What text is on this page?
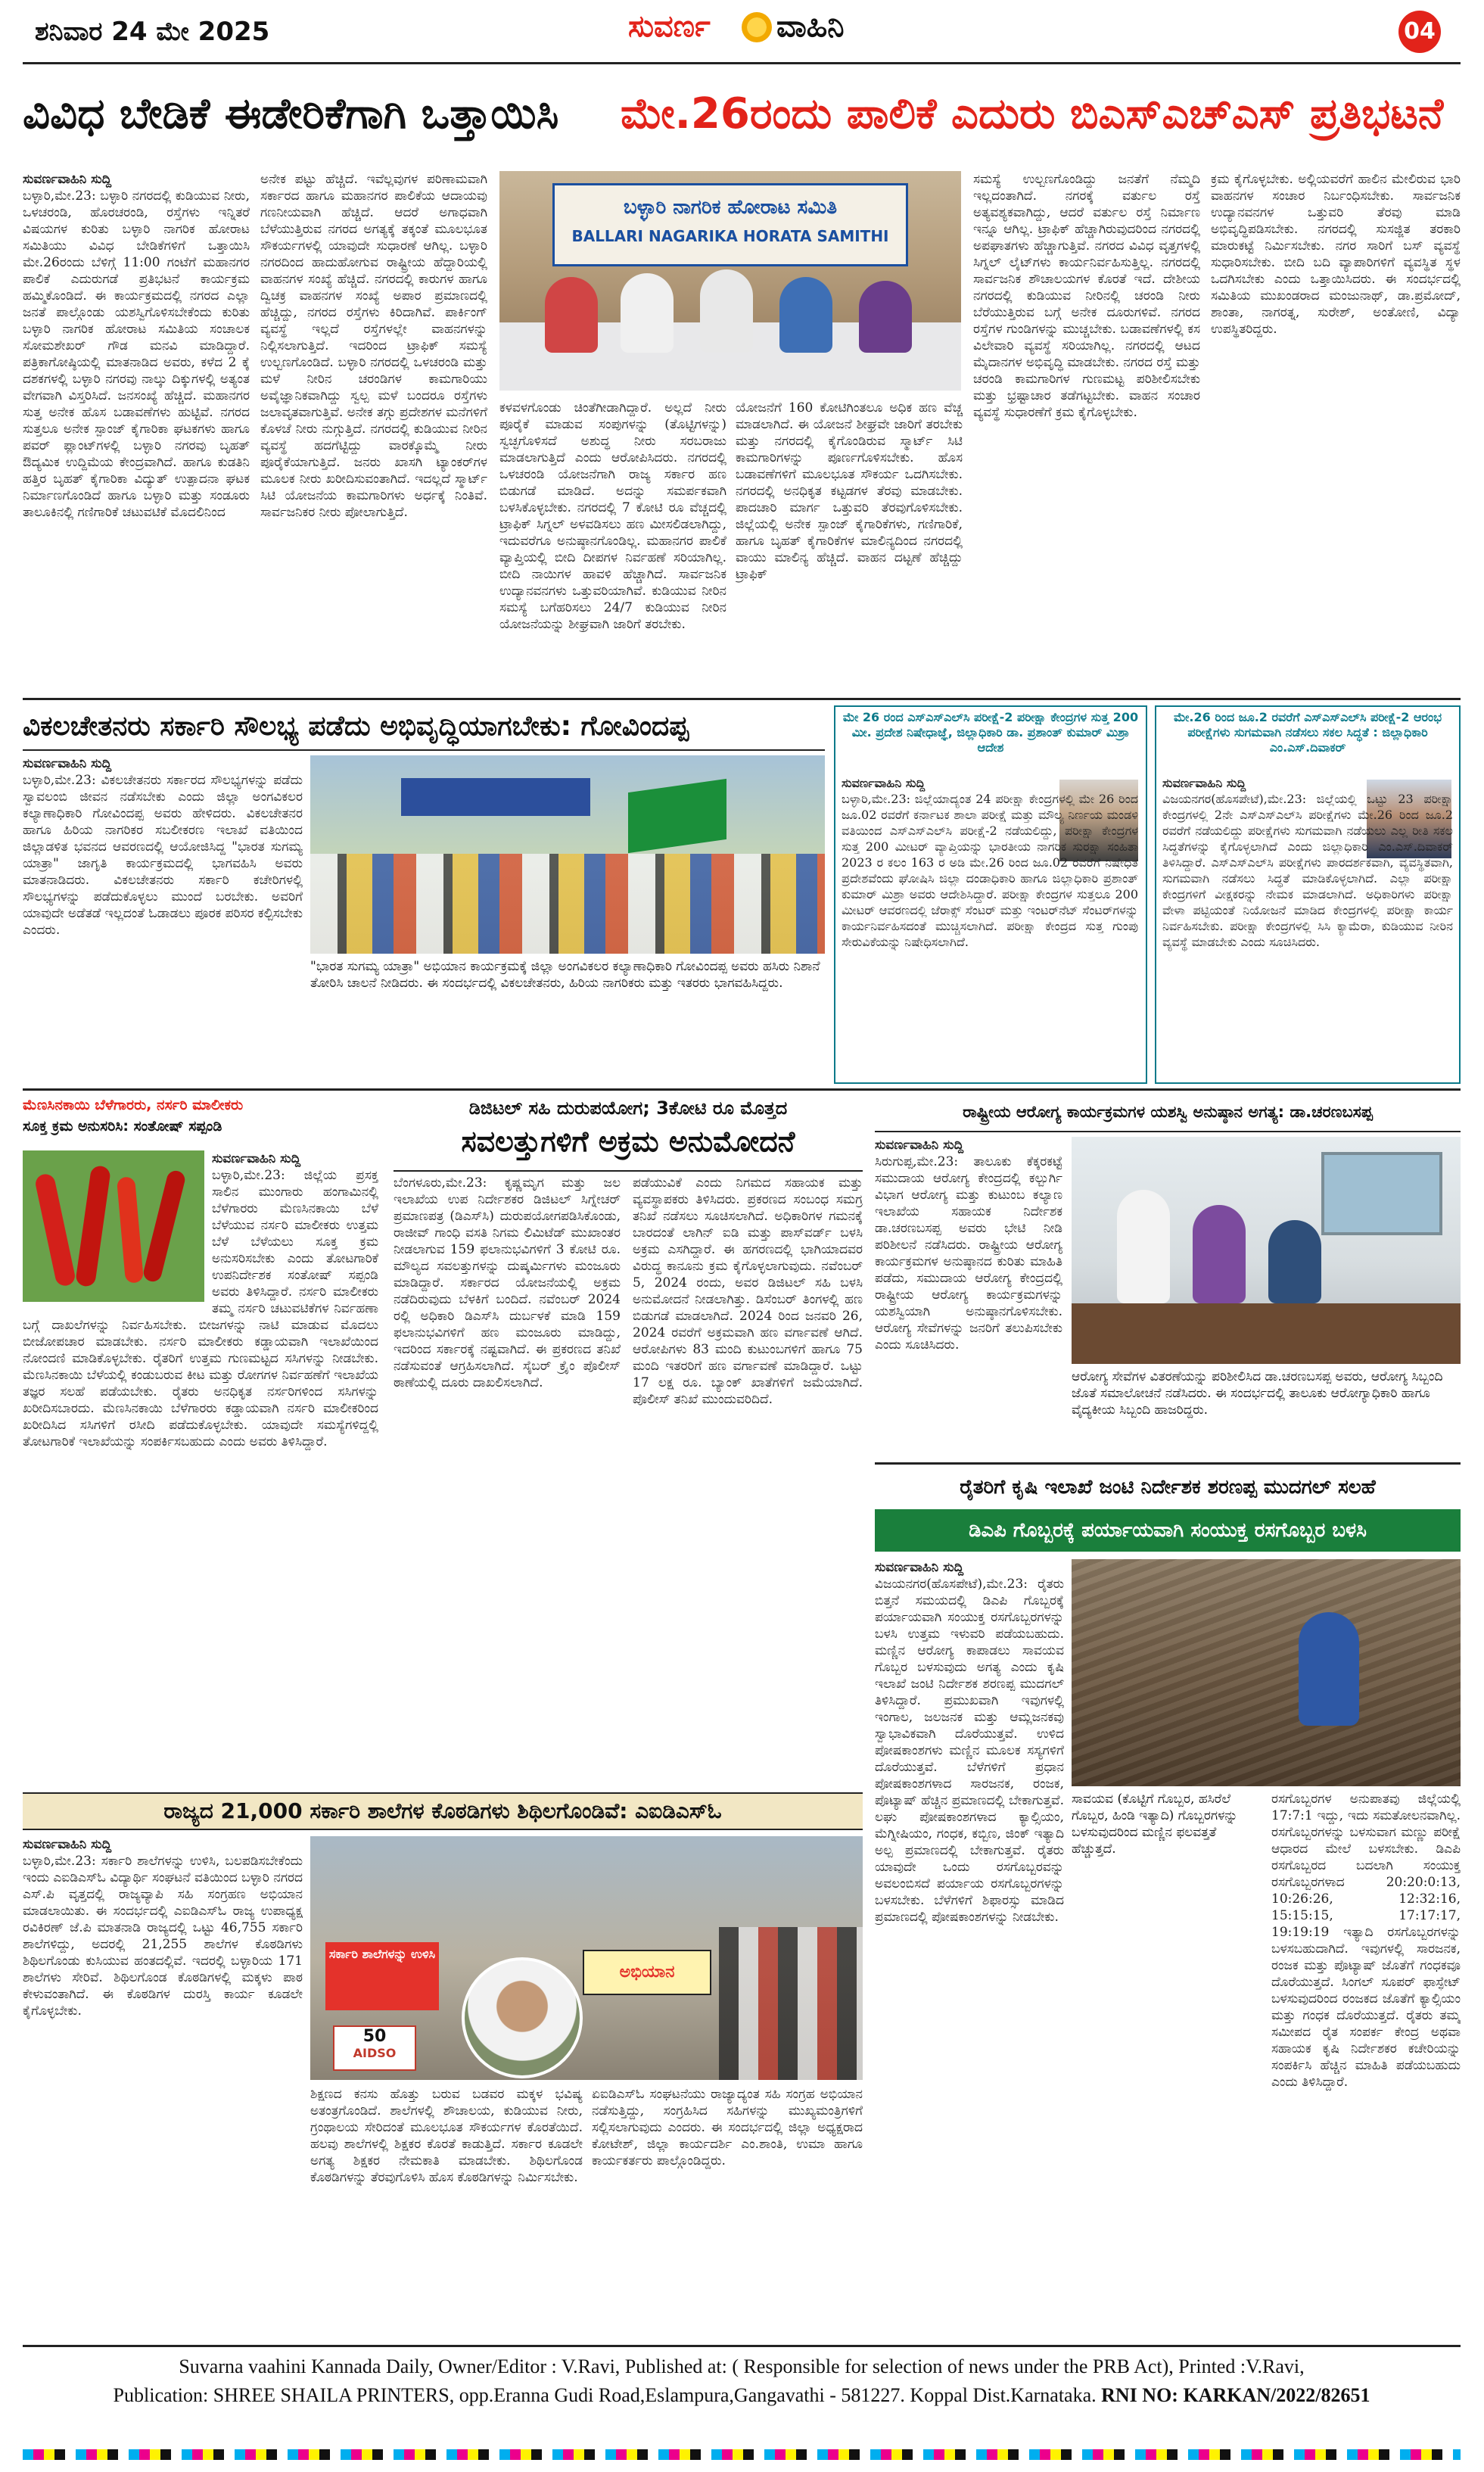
ಶನಿವಾರ 24 ಮೇ 2025	ಸುವರ್ಣ ವಾಹಿನಿ	04
ವಿವಿಧ ಬೇಡಿಕೆ ಈಡೇರಿಕೆಗಾಗಿ ಒತ್ತಾಯಿಸಿ ಮೇ.26ರಂದು ಪಾಲಿಕೆ ಎದುರು ಬಿಎಸ್‌ಎಚ್‌ಎಸ್ ಪ್ರತಿಭಟನೆ

ಸುವರ್ಣವಾಹಿನಿ ಸುದ್ದಿ

ಬಳ್ಳಾರಿ,ಮೇ.23: ಬಳ್ಳಾರಿ ನಗರದಲ್ಲಿ ಕುಡಿಯುವ ನೀರು, ಒಳಚರಂಡಿ, ಹೊರಚರಂಡಿ, ರಸ್ತೆಗಳು ಇನ್ನಿತರೆ ವಿಷಯಗಳ ಕುರಿತು ಬಳ್ಳಾರಿ ನಾಗರಿಕ ಹೋರಾಟ ಸಮಿತಿಯು ವಿವಿಧ ಬೇಡಿಕೆಗಳಿಗೆ ಒತ್ತಾಯಿಸಿ ಮೇ.26ರಂದು ಬೆಳಿಗ್ಗೆ 11:00 ಗಂಟೆಗೆ ಮಹಾನಗರ ಪಾಲಿಕೆ ಎದುರುಗಡೆ ಪ್ರತಿಭಟನೆ ಕಾರ್ಯಕ್ರಮ ಹಮ್ಮಿಕೊಂಡಿದೆ. ಈ ಕಾರ್ಯಕ್ರಮದಲ್ಲಿ ನಗರದ ಎಲ್ಲಾ ಜನತೆ ಪಾಲ್ಗೊಂಡು ಯಶಸ್ವಿಗೊಳಿಸಬೇಕೆಂದು ಕುರಿತು ಬಳ್ಳಾರಿ ನಾಗರಿಕ ಹೋರಾಟ ಸಮಿತಿಯ ಸಂಚಾಲಕ ಸೋಮಶೇಖರ್ ಗೌಡ ಮನವಿ ಮಾಡಿದ್ದಾರೆ. ಪತ್ರಿಕಾಗೋಷ್ಠಿಯಲ್ಲಿ ಮಾತನಾಡಿದ ಅವರು, ಕಳೆದ 2 ಕ್ಕೆ ದಶಕಗಳಲ್ಲಿ ಬಳ್ಳಾರಿ ನಗರವು ನಾಲ್ಕು ದಿಕ್ಕುಗಳಲ್ಲಿ ಅತ್ಯಂತ ವೇಗವಾಗಿ ವಿಸ್ತರಿಸಿದೆ. ಜನಸಂಖ್ಯೆ ಹೆಚ್ಚಿದೆ. ಮಹಾನಗರ ಸುತ್ತ ಅನೇಕ ಹೊಸ ಬಡಾವಣೆಗಳು ಹುಟ್ಟಿವೆ. ನಗರದ ಸುತ್ತಲೂ ಅನೇಕ ಸ್ಪಾಂಜ್ ಕೈಗಾರಿಕಾ ಘಟಕಗಳು ಹಾಗೂ ಪವರ್ ಪ್ಲಾಂಟ್‌ಗಳಲ್ಲಿ ಬಳ್ಳಾರಿ ನಗರವು ಬೃಹತ್ ಔದ್ಯಮಿಕ ಉದ್ದಿಮೆಯ ಕೇಂದ್ರವಾಗಿದೆ. ಹಾಗೂ ಕುಡತಿನಿ ಹತ್ತಿರ ಬೃಹತ್ ಕೈಗಾರಿಕಾ ವಿದ್ಯುತ್ ಉತ್ಪಾದನಾ ಘಟಕ ನಿರ್ಮಾಣಗೊಂಡಿದೆ ಹಾಗೂ ಬಳ್ಳಾರಿ ಮತ್ತು ಸಂಡೂರು ತಾಲೂಕಿನಲ್ಲಿ ಗಣಿಗಾರಿಕೆ ಚಟುವಟಿಕೆ ಮೊದಲಿನಿಂದ

ಅನೇಕ ಪಟ್ಟು ಹೆಚ್ಚಿದೆ. ಇವೆಲ್ಲವುಗಳ ಪರಿಣಾಮವಾಗಿ ಸರ್ಕಾರದ ಹಾಗೂ ಮಹಾನಗರ ಪಾಲಿಕೆಯ ಆದಾಯವು ಗಣನೀಯವಾಗಿ ಹೆಚ್ಚಿದೆ. ಆದರೆ ಅಗಾಧವಾಗಿ ಬೆಳೆಯುತ್ತಿರುವ ನಗರದ ಅಗತ್ಯಕ್ಕೆ ತಕ್ಕಂತೆ ಮೂಲಭೂತ ಸೌಕರ್ಯಗಳಲ್ಲಿ ಯಾವುದೇ ಸುಧಾರಣೆ ಆಗಿಲ್ಲ. ಬಳ್ಳಾರಿ ನಗರದಿಂದ ಹಾದುಹೋಗುವ ರಾಷ್ಟ್ರೀಯ ಹೆದ್ದಾರಿಯಲ್ಲಿ ವಾಹನಗಳ ಸಂಖ್ಯೆ ಹೆಚ್ಚಿದೆ. ನಗರದಲ್ಲಿ ಕಾರುಗಳ ಹಾಗೂ ದ್ವಿಚಕ್ರ ವಾಹನಗಳ ಸಂಖ್ಯೆ ಅಪಾರ ಪ್ರಮಾಣದಲ್ಲಿ ಹೆಚ್ಚಿದ್ದು, ನಗರದ ರಸ್ತೆಗಳು ಕಿರಿದಾಗಿವೆ. ಪಾರ್ಕಿಂಗ್ ವ್ಯವಸ್ಥೆ ಇಲ್ಲದೆ ರಸ್ತೆಗಳಲ್ಲೇ ವಾಹನಗಳನ್ನು ನಿಲ್ಲಿಸಲಾಗುತ್ತಿದೆ. ಇದರಿಂದ ಟ್ರಾಫಿಕ್ ಸಮಸ್ಯೆ ಉಲ್ಬಣಗೊಂಡಿದೆ. ಬಳ್ಳಾರಿ ನಗರದಲ್ಲಿ ಒಳಚರಂಡಿ ಮತ್ತು ಮಳೆ ನೀರಿನ ಚರಂಡಿಗಳ ಕಾಮಗಾರಿಯು ಅವೈಜ್ಞಾನಿಕವಾಗಿದ್ದು ಸ್ವಲ್ಪ ಮಳೆ ಬಂದರೂ ರಸ್ತೆಗಳು ಜಲಾವೃತವಾಗುತ್ತಿವೆ. ಅನೇಕ ತಗ್ಗು ಪ್ರದೇಶಗಳ ಮನೆಗಳಿಗೆ ಕೊಳಚೆ ನೀರು ನುಗ್ಗುತ್ತಿದೆ. ನಗರದಲ್ಲಿ ಕುಡಿಯುವ ನೀರಿನ ವ್ಯವಸ್ಥೆ ಹದಗೆಟ್ಟಿದ್ದು ವಾರಕ್ಕೊಮ್ಮೆ ನೀರು ಪೂರೈಕೆಯಾಗುತ್ತಿದೆ. ಜನರು ಖಾಸಗಿ ಟ್ಯಾಂಕರ್‌ಗಳ ಮೂಲಕ ನೀರು ಖರೀದಿಸುವಂತಾಗಿದೆ. ಇದಲ್ಲದೆ ಸ್ಮಾರ್ಟ್ ಸಿಟಿ ಯೋಜನೆಯ ಕಾಮಗಾರಿಗಳು ಅರ್ಧಕ್ಕೆ ನಿಂತಿವೆ. ಸಾರ್ವಜನಿಕರ ನೀರು ಪೋಲಾಗುತ್ತಿದೆ.

ಬಳ್ಳಾರಿ ನಾಗರಿಕ ಹೋರಾಟ ಸಮಿತಿ
BALLARI NAGARIKA HORATA SAMITHI

ಕಳವಳಗೊಂಡು ಚಿಂತೆಗೀಡಾಗಿದ್ದಾರೆ. ಅಲ್ಲದೆ ನೀರು ಪೂರೈಕೆ ಮಾಡುವ ಸಂಪುಗಳನ್ನು (ತೊಟ್ಟಿಗಳನ್ನು) ಸ್ವಚ್ಛಗೊಳಿಸದೆ ಅಶುದ್ಧ ನೀರು ಸರಬರಾಜು ಮಾಡಲಾಗುತ್ತಿದೆ ಎಂದು ಆರೋಪಿಸಿದರು. ನಗರದಲ್ಲಿ ಒಳಚರಂಡಿ ಯೋಜನೆಗಾಗಿ ರಾಜ್ಯ ಸರ್ಕಾರ ಹಣ ಬಿಡುಗಡೆ ಮಾಡಿದೆ. ಅದನ್ನು ಸಮರ್ಪಕವಾಗಿ ಬಳಸಿಕೊಳ್ಳಬೇಕು. ನಗರದಲ್ಲಿ 7 ಕೋಟಿ ರೂ ವೆಚ್ಚದಲ್ಲಿ ಟ್ರಾಫಿಕ್ ಸಿಗ್ನಲ್ ಅಳವಡಿಸಲು ಹಣ ಮೀಸಲಿಡಲಾಗಿದ್ದು, ಇದುವರೆಗೂ ಅನುಷ್ಠಾನಗೊಂಡಿಲ್ಲ. ಮಹಾನಗರ ಪಾಲಿಕೆ ವ್ಯಾಪ್ತಿಯಲ್ಲಿ ಬೀದಿ ದೀಪಗಳ ನಿರ್ವಹಣೆ ಸರಿಯಾಗಿಲ್ಲ. ಬೀದಿ ನಾಯಿಗಳ ಹಾವಳಿ ಹೆಚ್ಚಾಗಿದೆ. ಸಾರ್ವಜನಿಕ ಉದ್ಯಾನವನಗಳು ಒತ್ತುವರಿಯಾಗಿವೆ. ಕುಡಿಯುವ ನೀರಿನ ಸಮಸ್ಯೆ ಬಗೆಹರಿಸಲು 24/7 ಕುಡಿಯುವ ನೀರಿನ ಯೋಜನೆಯನ್ನು ಶೀಘ್ರವಾಗಿ ಜಾರಿಗೆ ತರಬೇಕು.

ಯೋಜನೆಗೆ 160 ಕೋಟಿಗಿಂತಲೂ ಅಧಿಕ ಹಣ ವೆಚ್ಚ ಮಾಡಲಾಗಿದೆ. ಈ ಯೋಜನೆ ಶೀಘ್ರವೇ ಜಾರಿಗೆ ತರಬೇಕು ಮತ್ತು ನಗರದಲ್ಲಿ ಕೈಗೊಂಡಿರುವ ಸ್ಮಾರ್ಟ್ ಸಿಟಿ ಕಾಮಗಾರಿಗಳನ್ನು ಪೂರ್ಣಗೊಳಿಸಬೇಕು. ಹೊಸ ಬಡಾವಣೆಗಳಿಗೆ ಮೂಲಭೂತ ಸೌಕರ್ಯ ಒದಗಿಸಬೇಕು. ನಗರದಲ್ಲಿ ಅನಧಿಕೃತ ಕಟ್ಟಡಗಳ ತೆರವು ಮಾಡಬೇಕು. ಪಾದಚಾರಿ ಮಾರ್ಗ ಒತ್ತುವರಿ ತೆರವುಗೊಳಿಸಬೇಕು. ಜಿಲ್ಲೆಯಲ್ಲಿ ಅನೇಕ ಸ್ಪಾಂಜ್ ಕೈಗಾರಿಕೆಗಳು, ಗಣಿಗಾರಿಕೆ, ಹಾಗೂ ಬೃಹತ್ ಕೈಗಾರಿಕೆಗಳ ಮಾಲಿನ್ಯದಿಂದ ನಗರದಲ್ಲಿ ವಾಯು ಮಾಲಿನ್ಯ ಹೆಚ್ಚಿದೆ. ವಾಹನ ದಟ್ಟಣೆ ಹೆಚ್ಚಿದ್ದು ಟ್ರಾಫಿಕ್

ಸಮಸ್ಯೆ ಉಲ್ಬಣಗೊಂಡಿದ್ದು ಜನತೆಗೆ ನೆಮ್ಮದಿ ಇಲ್ಲದಂತಾಗಿದೆ. ನಗರಕ್ಕೆ ವರ್ತುಲ ರಸ್ತೆ ಅತ್ಯವಶ್ಯಕವಾಗಿದ್ದು, ಆದರೆ ವರ್ತುಲ ರಸ್ತೆ ನಿರ್ಮಾಣ ಇನ್ನೂ ಆಗಿಲ್ಲ. ಟ್ರಾಫಿಕ್ ಹೆಚ್ಚಾಗಿರುವುದರಿಂದ ನಗರದಲ್ಲಿ ಅಪಘಾತಗಳು ಹೆಚ್ಚಾಗುತ್ತಿವೆ. ನಗರದ ವಿವಿಧ ವೃತ್ತಗಳಲ್ಲಿ ಸಿಗ್ನಲ್ ಲೈಟ್‌ಗಳು ಕಾರ್ಯನಿರ್ವಹಿಸುತ್ತಿಲ್ಲ. ನಗರದಲ್ಲಿ ಸಾರ್ವಜನಿಕ ಶೌಚಾಲಯಗಳ ಕೊರತೆ ಇದೆ. ದೇಶೀಯ ನಗರದಲ್ಲಿ ಕುಡಿಯುವ ನೀರಿನಲ್ಲಿ ಚರಂಡಿ ನೀರು ಬೆರೆಯುತ್ತಿರುವ ಬಗ್ಗೆ ಅನೇಕ ದೂರುಗಳಿವೆ. ನಗರದ ರಸ್ತೆಗಳ ಗುಂಡಿಗಳನ್ನು ಮುಚ್ಚಬೇಕು. ಬಡಾವಣೆಗಳಲ್ಲಿ ಕಸ ವಿಲೇವಾರಿ ವ್ಯವಸ್ಥೆ ಸರಿಯಾಗಿಲ್ಲ. ನಗರದಲ್ಲಿ ಆಟದ ಮೈದಾನಗಳ ಅಭಿವೃದ್ಧಿ ಮಾಡಬೇಕು. ನಗರದ ರಸ್ತೆ ಮತ್ತು ಚರಂಡಿ ಕಾಮಗಾರಿಗಳ ಗುಣಮಟ್ಟ ಪರಿಶೀಲಿಸಬೇಕು ಮತ್ತು ಭ್ರಷ್ಟಾಚಾರ ತಡೆಗಟ್ಟಬೇಕು. ವಾಹನ ಸಂಚಾರ ವ್ಯವಸ್ಥೆ ಸುಧಾರಣೆಗೆ ಕ್ರಮ ಕೈಗೊಳ್ಳಬೇಕು.

ಕ್ರಮ ಕೈಗೊಳ್ಳಬೇಕು. ಅಲ್ಲಿಯವರೆಗೆ ಹಾಲಿನ ಮೇಲಿರುವ ಭಾರಿ ವಾಹನಗಳ ಸಂಚಾರ ನಿರ್ಬಂಧಿಸಬೇಕು. ಸಾರ್ವಜನಿಕ ಉದ್ಯಾನವನಗಳ ಒತ್ತುವರಿ ತೆರವು ಮಾಡಿ ಅಭಿವೃದ್ಧಿಪಡಿಸಬೇಕು. ನಗರದಲ್ಲಿ ಸುಸಜ್ಜಿತ ತರಕಾರಿ ಮಾರುಕಟ್ಟೆ ನಿರ್ಮಿಸಬೇಕು. ನಗರ ಸಾರಿಗೆ ಬಸ್ ವ್ಯವಸ್ಥೆ ಸುಧಾರಿಸಬೇಕು. ಬೀದಿ ಬದಿ ವ್ಯಾಪಾರಿಗಳಿಗೆ ವ್ಯವಸ್ಥಿತ ಸ್ಥಳ ಒದಗಿಸಬೇಕು ಎಂದು ಒತ್ತಾಯಿಸಿದರು. ಈ ಸಂದರ್ಭದಲ್ಲಿ ಸಮಿತಿಯ ಮುಖಂಡರಾದ ಮಂಜುನಾಥ್, ಡಾ.ಪ್ರಮೋದ್, ಶಾಂತಾ, ನಾಗರತ್ನ, ಸುರೇಶ್, ಅಂತೋಣಿ, ವಿದ್ಯಾ ಉಪಸ್ಥಿತರಿದ್ದರು.

ವಿಕಲಚೇತನರು ಸರ್ಕಾರಿ ಸೌಲಭ್ಯ ಪಡೆದು ಅಭಿವೃದ್ಧಿಯಾಗಬೇಕು: ಗೋವಿಂದಪ್ಪ

ಸುವರ್ಣವಾಹಿನಿ ಸುದ್ದಿ

ಬಳ್ಳಾರಿ,ಮೇ.23: ವಿಕಲಚೇತನರು ಸರ್ಕಾರದ ಸೌಲಭ್ಯಗಳನ್ನು ಪಡೆದು ಸ್ವಾವಲಂಬಿ ಜೀವನ ನಡೆಸಬೇಕು ಎಂದು ಜಿಲ್ಲಾ ಅಂಗವಿಕಲರ ಕಲ್ಯಾಣಾಧಿಕಾರಿ ಗೋವಿಂದಪ್ಪ ಅವರು ಹೇಳಿದರು. ವಿಕಲಚೇತನರ ಹಾಗೂ ಹಿರಿಯ ನಾಗರಿಕರ ಸಬಲೀಕರಣ ಇಲಾಖೆ ವತಿಯಿಂದ ಜಿಲ್ಲಾಡಳಿತ ಭವನದ ಆವರಣದಲ್ಲಿ ಆಯೋಜಿಸಿದ್ದ "ಭಾರತ ಸುಗಮ್ಯ ಯಾತ್ರಾ" ಜಾಗೃತಿ ಕಾರ್ಯಕ್ರಮದಲ್ಲಿ ಭಾಗವಹಿಸಿ ಅವರು ಮಾತನಾಡಿದರು. ವಿಕಲಚೇತನರು ಸರ್ಕಾರಿ ಕಚೇರಿಗಳಲ್ಲಿ ಸೌಲಭ್ಯಗಳನ್ನು ಪಡೆದುಕೊಳ್ಳಲು ಮುಂದೆ ಬರಬೇಕು. ಅವರಿಗೆ ಯಾವುದೇ ಅಡೆತಡೆ ಇಲ್ಲದಂತೆ ಓಡಾಡಲು ಪೂರಕ ಪರಿಸರ ಕಲ್ಪಿಸಬೇಕು ಎಂದರು.

"ಭಾರತ ಸುಗಮ್ಯ ಯಾತ್ರಾ" ಅಭಿಯಾನ ಕಾರ್ಯಕ್ರಮಕ್ಕೆ ಜಿಲ್ಲಾ ಅಂಗವಿಕಲರ ಕಲ್ಯಾಣಾಧಿಕಾರಿ ಗೋವಿಂದಪ್ಪ ಅವರು ಹಸಿರು ನಿಶಾನೆ ತೋರಿಸಿ ಚಾಲನೆ ನೀಡಿದರು. ಈ ಸಂದರ್ಭದಲ್ಲಿ ವಿಕಲಚೇತನರು, ಹಿರಿಯ ನಾಗರಿಕರು ಮತ್ತು ಇತರರು ಭಾಗವಹಿಸಿದ್ದರು.
ಮೇ 26 ರಂದ ಎಸ್‌ಎಸ್‌ಎಲ್‌ಸಿ ಪರೀಕ್ಷೆ-2 ಪರೀಕ್ಷಾ ಕೇಂದ್ರಗಳ ಸುತ್ತ 200 ಮೀ. ಪ್ರದೇಶ ನಿಷೇಧಾಜ್ಞೆ, ಜಿಲ್ಲಾಧಿಕಾರಿ ಡಾ. ಪ್ರಶಾಂತ್ ಕುಮಾರ್ ಮಿಶ್ರಾ ಆದೇಶ

ಸುವರ್ಣವಾಹಿನಿ ಸುದ್ದಿ

ಬಳ್ಳಾರಿ,ಮೇ.23: ಜಿಲ್ಲೆಯಾದ್ಯಂತ 24 ಪರೀಕ್ಷಾ ಕೇಂದ್ರಗಳಲ್ಲಿ ಮೇ 26 ರಿಂದ ಜೂ.02 ರವರೆಗೆ ಕರ್ನಾಟಕ ಶಾಲಾ ಪರೀಕ್ಷೆ ಮತ್ತು ಮೌಲ್ಯ ನಿರ್ಣಯ ಮಂಡಳಿ ವತಿಯಿಂದ ಎಸ್‌ಎಸ್‌ಎಲ್‌ಸಿ ಪರೀಕ್ಷೆ-2 ನಡೆಯಲಿದ್ದು, ಪರೀಕ್ಷಾ ಕೇಂದ್ರಗಳ ಸುತ್ತ 200 ಮೀಟರ್ ವ್ಯಾಪ್ತಿಯನ್ನು ಭಾರತೀಯ ನಾಗರಿಕ ಸುರಕ್ಷಾ ಸಂಹಿತಾ 2023 ರ ಕಲಂ 163 ರ ಅಡಿ ಮೇ.26 ರಿಂದ ಜೂ.02 ರವರೆಗೆ ನಿಷೇಧಿತ ಪ್ರದೇಶವೆಂದು ಘೋಷಿಸಿ ಜಿಲ್ಲಾ ದಂಡಾಧಿಕಾರಿ ಹಾಗೂ ಜಿಲ್ಲಾಧಿಕಾರಿ ಪ್ರಶಾಂತ್ ಕುಮಾರ್ ಮಿಶ್ರಾ ಅವರು ಆದೇಶಿಸಿದ್ದಾರೆ. ಪರೀಕ್ಷಾ ಕೇಂದ್ರಗಳ ಸುತ್ತಲೂ 200 ಮೀಟರ್ ಆವರಣದಲ್ಲಿ ಜೆರಾಕ್ಸ್ ಸೆಂಟರ್ ಮತ್ತು ಇಂಟರ್‌ನೆಟ್ ಸೆಂಟರ್‌ಗಳನ್ನು ಕಾರ್ಯನಿರ್ವಹಿಸದಂತೆ ಮುಚ್ಚಿಸಲಾಗಿದೆ. ಪರೀಕ್ಷಾ ಕೇಂದ್ರದ ಸುತ್ತ ಗುಂಪು ಸೇರುವಿಕೆಯನ್ನು ನಿಷೇಧಿಸಲಾಗಿದೆ.

ಮೇ.26 ರಿಂದ ಜೂ.2 ರವರೆಗೆ ಎಸ್ಎಸ್ಎಲ್‌ಸಿ ಪರೀಕ್ಷೆ-2 ಆರಂಭ ಪರೀಕ್ಷೆಗಳು ಸುಗಮವಾಗಿ ನಡೆಸಲು ಸಕಲ ಸಿದ್ಧತೆ : ಜಿಲ್ಲಾಧಿಕಾರಿ ಎಂ.ಎಸ್.ದಿವಾಕರ್

ಸುವರ್ಣವಾಹಿನಿ ಸುದ್ದಿ

ವಿಜಯನಗರ(ಹೊಸಪೇಟೆ),ಮೇ.23: ಜಿಲ್ಲೆಯಲ್ಲಿ ಒಟ್ಟು 23 ಪರೀಕ್ಷಾ ಕೇಂದ್ರಗಳಲ್ಲಿ 2ನೇ ಎಸ್ಎಸ್ಎಲ್‌ಸಿ ಪರೀಕ್ಷೆಗಳು ಮೇ.26 ರಿಂದ ಜೂ.2 ರವರೆಗೆ ನಡೆಯಲಿದ್ದು ಪರೀಕ್ಷೆಗಳು ಸುಗಮವಾಗಿ ನಡೆಯಲು ಎಲ್ಲ ರೀತಿ ಸಕಲ ಸಿದ್ಧತೆಗಳನ್ನು ಕೈಗೊಳ್ಳಲಾಗಿದೆ ಎಂದು ಜಿಲ್ಲಾಧಿಕಾರಿ ಎಂ.ಎಸ್.ದಿವಾಕರ್ ತಿಳಿಸಿದ್ದಾರೆ. ಎಸ್ಎಸ್ಎಲ್‌ಸಿ ಪರೀಕ್ಷೆಗಳು ಪಾರದರ್ಶಕವಾಗಿ, ವ್ಯವಸ್ಥಿತವಾಗಿ, ಸುಗಮವಾಗಿ ನಡೆಸಲು ಸಿದ್ಧತೆ ಮಾಡಿಕೊಳ್ಳಲಾಗಿದೆ. ಎಲ್ಲಾ ಪರೀಕ್ಷಾ ಕೇಂದ್ರಗಳಿಗೆ ವೀಕ್ಷಕರನ್ನು ನೇಮಕ ಮಾಡಲಾಗಿದೆ. ಅಧಿಕಾರಿಗಳು ಪರೀಕ್ಷಾ ವೇಳಾ ಪಟ್ಟಿಯಂತೆ ನಿಯೋಜನೆ ಮಾಡಿದ ಕೇಂದ್ರಗಳಲ್ಲಿ ಪರೀಕ್ಷಾ ಕಾರ್ಯ ನಿರ್ವಹಿಸಬೇಕು. ಪರೀಕ್ಷಾ ಕೇಂದ್ರಗಳಲ್ಲಿ ಸಿಸಿ ಕ್ಯಾಮೆರಾ, ಕುಡಿಯುವ ನೀರಿನ ವ್ಯವಸ್ಥೆ ಮಾಡಬೇಕು ಎಂದು ಸೂಚಿಸಿದರು.

ಮೆಣಸಿನಕಾಯಿ ಬೆಳೆಗಾರರು, ನರ್ಸರಿ ಮಾಲೀಕರು
ಸೂಕ್ತ ಕ್ರಮ ಅನುಸರಿಸಿ: ಸಂತೋಷ್ ಸಪ್ಪಂಡಿ

ಸುವರ್ಣವಾಹಿನಿ ಸುದ್ದಿ

ಬಳ್ಳಾರಿ,ಮೇ.23: ಜಿಲ್ಲೆಯ ಪ್ರಸಕ್ತ ಸಾಲಿನ ಮುಂಗಾರು ಹಂಗಾಮಿನಲ್ಲಿ ಬೆಳೆಗಾರರು ಮೆಣಸಿನಕಾಯಿ ಬೆಳೆ ಬೆಳೆಯುವ ನರ್ಸರಿ ಮಾಲೀಕರು ಉತ್ತಮ ಬೆಳೆ ಬೆಳೆಯಲು ಸೂಕ್ತ ಕ್ರಮ ಅನುಸರಿಸಬೇಕು ಎಂದು ತೋಟಗಾರಿಕೆ ಉಪನಿರ್ದೇಶಕ ಸಂತೋಷ್ ಸಪ್ಪಂಡಿ ಅವರು ತಿಳಿಸಿದ್ದಾರೆ. ನರ್ಸರಿ ಮಾಲೀಕರು ತಮ್ಮ ನರ್ಸರಿ ಚಟುವಟಿಕೆಗಳ ನಿರ್ವಹಣಾ ಬಗ್ಗೆ ದಾಖಲೆಗಳನ್ನು ನಿರ್ವಹಿಸಬೇಕು. ಬೀಜಗಳನ್ನು ನಾಟಿ ಮಾಡುವ ಮೊದಲು ಬೀಜೋಪಚಾರ ಮಾಡಬೇಕು. ನರ್ಸರಿ ಮಾಲೀಕರು ಕಡ್ಡಾಯವಾಗಿ ಇಲಾಖೆಯಿಂದ ನೋಂದಣಿ ಮಾಡಿಕೊಳ್ಳಬೇಕು. ರೈತರಿಗೆ ಉತ್ತಮ ಗುಣಮಟ್ಟದ ಸಸಿಗಳನ್ನು ನೀಡಬೇಕು. ಮೆಣಸಿನಕಾಯಿ ಬೆಳೆಯಲ್ಲಿ ಕಂಡುಬರುವ ಕೀಟ ಮತ್ತು ರೋಗಗಳ ನಿರ್ವಹಣೆಗೆ ಇಲಾಖೆಯ ತಜ್ಞರ ಸಲಹೆ ಪಡೆಯಬೇಕು. ರೈತರು ಅನಧಿಕೃತ ನರ್ಸರಿಗಳಿಂದ ಸಸಿಗಳನ್ನು ಖರೀದಿಸಬಾರದು. ಮೆಣಸಿನಕಾಯಿ ಬೆಳೆಗಾರರು ಕಡ್ಡಾಯವಾಗಿ ನರ್ಸರಿ ಮಾಲೀಕರಿಂದ ಖರೀದಿಸಿದ ಸಸಿಗಳಿಗೆ ರಸೀದಿ ಪಡೆದುಕೊಳ್ಳಬೇಕು. ಯಾವುದೇ ಸಮಸ್ಯೆಗಳಿದ್ದಲ್ಲಿ ತೋಟಗಾರಿಕೆ ಇಲಾಖೆಯನ್ನು ಸಂಪರ್ಕಿಸಬಹುದು ಎಂದು ಅವರು ತಿಳಿಸಿದ್ದಾರೆ.

ಡಿಜಿಟಲ್ ಸಹಿ ದುರುಪಯೋಗ; 3ಕೋಟಿ ರೂ ಮೊತ್ತದ
ಸವಲತ್ತುಗಳಿಗೆ ಅಕ್ರಮ ಅನುಮೋದನೆ

ಬೆಂಗಳೂರು,ಮೇ.23: ಕೃಷ್ಣಮೃಗ ಮತ್ತು ಜಲ ಇಲಾಖೆಯ ಉಪ ನಿರ್ದೇಶಕರ ಡಿಜಿಟಲ್ ಸಿಗ್ನೇಚರ್ ಪ್ರಮಾಣಪತ್ರ (ಡಿಎಸ್‌ಸಿ) ದುರುಪಯೋಗಪಡಿಸಿಕೊಂಡು, ರಾಜೀವ್ ಗಾಂಧಿ ವಸತಿ ನಿಗಮ ಲಿಮಿಟೆಡ್ ಮುಖಾಂತರ ನೀಡಲಾಗುವ 159 ಫಲಾನುಭವಿಗಳಿಗೆ 3 ಕೋಟಿ ರೂ. ಮೌಲ್ಯದ ಸವಲತ್ತುಗಳನ್ನು ದುಷ್ಕರ್ಮಿಗಳು ಮಂಜೂರು ಮಾಡಿದ್ದಾರೆ. ಸರ್ಕಾರದ ಯೋಜನೆಯಲ್ಲಿ ಅಕ್ರಮ ನಡೆದಿರುವುದು ಬೆಳಕಿಗೆ ಬಂದಿದೆ. ನವೆಂಬರ್ 2024 ರಲ್ಲಿ ಅಧಿಕಾರಿ ಡಿಎಸ್‌ಸಿ ದುರ್ಬಳಕೆ ಮಾಡಿ 159 ಫಲಾನುಭವಿಗಳಿಗೆ ಹಣ ಮಂಜೂರು ಮಾಡಿದ್ದು, ಇದರಿಂದ ಸರ್ಕಾರಕ್ಕೆ ನಷ್ಟವಾಗಿದೆ. ಈ ಪ್ರಕರಣದ ತನಿಖೆ ನಡೆಸುವಂತೆ ಆಗ್ರಹಿಸಲಾಗಿದೆ. ಸೈಬರ್ ಕ್ರೈಂ ಪೊಲೀಸ್ ಠಾಣೆಯಲ್ಲಿ ದೂರು ದಾಖಲಿಸಲಾಗಿದೆ.

ಪಡೆಯುವಿಕೆ ಎಂದು ನಿಗಮದ ಸಹಾಯಕ ಮತ್ತು ವ್ಯವಸ್ಥಾಪಕರು ತಿಳಿಸಿದರು. ಪ್ರಕರಣದ ಸಂಬಂಧ ಸಮಗ್ರ ತನಿಖೆ ನಡೆಸಲು ಸೂಚಿಸಲಾಗಿದೆ. ಅಧಿಕಾರಿಗಳ ಗಮನಕ್ಕೆ ಬಾರದಂತೆ ಲಾಗಿನ್ ಐಡಿ ಮತ್ತು ಪಾಸ್‌ವರ್ಡ್ ಬಳಸಿ ಅಕ್ರಮ ಎಸಗಿದ್ದಾರೆ. ಈ ಹಗರಣದಲ್ಲಿ ಭಾಗಿಯಾದವರ ವಿರುದ್ಧ ಕಾನೂನು ಕ್ರಮ ಕೈಗೊಳ್ಳಲಾಗುವುದು. ನವೆಂಬರ್ 5, 2024 ರಂದು, ಅವರ ಡಿಜಿಟಲ್ ಸಹಿ ಬಳಸಿ ಅನುಮೋದನೆ ನೀಡಲಾಗಿತ್ತು. ಡಿಸೆಂಬರ್ ತಿಂಗಳಲ್ಲಿ ಹಣ ಬಿಡುಗಡೆ ಮಾಡಲಾಗಿದೆ. 2024 ರಿಂದ ಜನವರಿ 26, 2024 ರವರೆಗೆ ಅಕ್ರಮವಾಗಿ ಹಣ ವರ್ಗಾವಣೆ ಆಗಿದೆ. ಆರೋಪಿಗಳು 83 ಮಂದಿ ಕುಟುಂಬಗಳಿಗೆ ಹಾಗೂ 75 ಮಂದಿ ಇತರರಿಗೆ ಹಣ ವರ್ಗಾವಣೆ ಮಾಡಿದ್ದಾರೆ. ಒಟ್ಟು 17 ಲಕ್ಷ ರೂ. ಬ್ಯಾಂಕ್ ಖಾತೆಗಳಿಗೆ ಜಮೆಯಾಗಿದೆ. ಪೊಲೀಸ್ ತನಿಖೆ ಮುಂದುವರಿದಿದೆ.

ರಾಷ್ಟ್ರೀಯ ಆರೋಗ್ಯ ಕಾರ್ಯಕ್ರಮಗಳ ಯಶಸ್ವಿ ಅನುಷ್ಠಾನ ಅಗತ್ಯ: ಡಾ.ಚರಣಬಸಪ್ಪ

ಸುವರ್ಣವಾಹಿನಿ ಸುದ್ದಿ

ಸಿರುಗುಪ್ಪ,ಮೇ.23: ತಾಲೂಕು ಕೆಕ್ಕರಕಟ್ಟೆ ಸಮುದಾಯ ಆರೋಗ್ಯ ಕೇಂದ್ರದಲ್ಲಿ ಕಲ್ಬುರ್ಗಿ ವಿಭಾಗ ಆರೋಗ್ಯ ಮತ್ತು ಕುಟುಂಬ ಕಲ್ಯಾಣ ಇಲಾಖೆಯ ಸಹಾಯಕ ನಿರ್ದೇಶಕ ಡಾ.ಚರಣಬಸಪ್ಪ ಅವರು ಭೇಟಿ ನೀಡಿ ಪರಿಶೀಲನೆ ನಡೆಸಿದರು. ರಾಷ್ಟ್ರೀಯ ಆರೋಗ್ಯ ಕಾರ್ಯಕ್ರಮಗಳ ಅನುಷ್ಠಾನದ ಕುರಿತು ಮಾಹಿತಿ ಪಡೆದು, ಸಮುದಾಯ ಆರೋಗ್ಯ ಕೇಂದ್ರದಲ್ಲಿ ರಾಷ್ಟ್ರೀಯ ಆರೋಗ್ಯ ಕಾರ್ಯಕ್ರಮಗಳನ್ನು ಯಶಸ್ವಿಯಾಗಿ ಅನುಷ್ಠಾನಗೊಳಿಸಬೇಕು. ಆರೋಗ್ಯ ಸೇವೆಗಳನ್ನು ಜನರಿಗೆ ತಲುಪಿಸಬೇಕು ಎಂದು ಸೂಚಿಸಿದರು.

ಆರೋಗ್ಯ ಸೇವೆಗಳ ವಿತರಣೆಯನ್ನು ಪರಿಶೀಲಿಸಿದ ಡಾ.ಚರಣಬಸಪ್ಪ ಅವರು, ಆರೋಗ್ಯ ಸಿಬ್ಬಂದಿ ಜೊತೆ ಸಮಾಲೋಚನೆ ನಡೆಸಿದರು. ಈ ಸಂದರ್ಭದಲ್ಲಿ ತಾಲೂಕು ಆರೋಗ್ಯಾಧಿಕಾರಿ ಹಾಗೂ ವೈದ್ಯಕೀಯ ಸಿಬ್ಬಂದಿ ಹಾಜರಿದ್ದರು.
ರೈತರಿಗೆ ಕೃಷಿ ಇಲಾಖೆ ಜಂಟಿ ನಿರ್ದೇಶಕ ಶರಣಪ್ಪ ಮುದಗಲ್ ಸಲಹೆ
ಡಿಎಪಿ ಗೊಬ್ಬರಕ್ಕೆ ಪರ್ಯಾಯವಾಗಿ ಸಂಯುಕ್ತ ರಸಗೊಬ್ಬರ ಬಳಸಿ

ಸುವರ್ಣವಾಹಿನಿ ಸುದ್ದಿ

ವಿಜಯನಗರ(ಹೊಸಪೇಟೆ),ಮೇ.23: ರೈತರು ಬಿತ್ತನೆ ಸಮಯದಲ್ಲಿ ಡಿಎಪಿ ಗೊಬ್ಬರಕ್ಕೆ ಪರ್ಯಾಯವಾಗಿ ಸಂಯುಕ್ತ ರಸಗೊಬ್ಬರಗಳನ್ನು ಬಳಸಿ ಉತ್ತಮ ಇಳುವರಿ ಪಡೆಯಬಹುದು. ಮಣ್ಣಿನ ಆರೋಗ್ಯ ಕಾಪಾಡಲು ಸಾವಯವ ಗೊಬ್ಬರ ಬಳಸುವುದು ಅಗತ್ಯ ಎಂದು ಕೃಷಿ ಇಲಾಖೆ ಜಂಟಿ ನಿರ್ದೇಶಕ ಶರಣಪ್ಪ ಮುದಗಲ್ ತಿಳಿಸಿದ್ದಾರೆ. ಪ್ರಮುಖವಾಗಿ ಇವುಗಳಲ್ಲಿ ಇಂಗಾಲ, ಜಲಜನಕ ಮತ್ತು ಆಮ್ಲಜನಕವು ಸ್ವಾಭಾವಿಕವಾಗಿ ದೊರೆಯುತ್ತವೆ. ಉಳಿದ ಪೋಷಕಾಂಶಗಳು ಮಣ್ಣಿನ ಮೂಲಕ ಸಸ್ಯಗಳಿಗೆ ದೊರೆಯುತ್ತವೆ. ಬೆಳೆಗಳಿಗೆ ಪ್ರಧಾನ ಪೋಷಕಾಂಶಗಳಾದ ಸಾರಜನಕ, ರಂಜಕ, ಪೊಟ್ಯಾಷ್ ಹೆಚ್ಚಿನ ಪ್ರಮಾಣದಲ್ಲಿ ಬೇಕಾಗುತ್ತವೆ. ಲಘು ಪೋಷಕಾಂಶಗಳಾದ ಕ್ಯಾಲ್ಸಿಯಂ, ಮೆಗ್ನೀಷಿಯಂ, ಗಂಧಕ, ಕಬ್ಬಿಣ, ಜಿಂಕ್ ಇತ್ಯಾದಿ ಅಲ್ಪ ಪ್ರಮಾಣದಲ್ಲಿ ಬೇಕಾಗುತ್ತವೆ. ರೈತರು ಯಾವುದೇ ಒಂದು ರಸಗೊಬ್ಬರವನ್ನು ಅವಲಂಬಿಸದೆ ಪರ್ಯಾಯ ರಸಗೊಬ್ಬರಗಳನ್ನು ಬಳಸಬೇಕು. ಬೆಳೆಗಳಿಗೆ ಶಿಫಾರಸ್ಸು ಮಾಡಿದ ಪ್ರಮಾಣದಲ್ಲಿ ಪೋಷಕಾಂಶಗಳನ್ನು ನೀಡಬೇಕು.

ಸಾವಯವ (ಕೊಟ್ಟಿಗೆ ಗೊಬ್ಬರ, ಹಸಿರೆಲೆ ಗೊಬ್ಬರ, ಹಿಂಡಿ ಇತ್ಯಾದಿ) ಗೊಬ್ಬರಗಳನ್ನು ಬಳಸುವುದರಿಂದ ಮಣ್ಣಿನ ಫಲವತ್ತತೆ ಹೆಚ್ಚುತ್ತದೆ.

ರಸಗೊಬ್ಬರಗಳ ಅನುಪಾತವು ಜಿಲ್ಲೆಯಲ್ಲಿ 17:7:1 ಇದ್ದು, ಇದು ಸಮತೋಲನವಾಗಿಲ್ಲ. ರಸಗೊಬ್ಬರಗಳನ್ನು ಬಳಸುವಾಗ ಮಣ್ಣು ಪರೀಕ್ಷೆ ಆಧಾರದ ಮೇಲೆ ಬಳಸಬೇಕು. ಡಿಎಪಿ ರಸಗೊಬ್ಬರದ ಬದಲಾಗಿ ಸಂಯುಕ್ತ ರಸಗೊಬ್ಬರಗಳಾದ 20:20:0:13, 10:26:26, 12:32:16, 15:15:15, 17:17:17, 19:19:19 ಇತ್ಯಾದಿ ರಸಗೊಬ್ಬರಗಳನ್ನು ಬಳಸಬಹುದಾಗಿದೆ. ಇವುಗಳಲ್ಲಿ ಸಾರಜನಕ, ರಂಜಕ ಮತ್ತು ಪೊಟ್ಯಾಷ್ ಜೊತೆಗೆ ಗಂಧಕವೂ ದೊರೆಯುತ್ತದೆ. ಸಿಂಗಲ್ ಸೂಪರ್ ಫಾಸ್ಫೇಟ್ ಬಳಸುವುದರಿಂದ ರಂಜಕದ ಜೊತೆಗೆ ಕ್ಯಾಲ್ಸಿಯಂ ಮತ್ತು ಗಂಧಕ ದೊರೆಯುತ್ತದೆ. ರೈತರು ತಮ್ಮ ಸಮೀಪದ ರೈತ ಸಂಪರ್ಕ ಕೇಂದ್ರ ಅಥವಾ ಸಹಾಯಕ ಕೃಷಿ ನಿರ್ದೇಶಕರ ಕಚೇರಿಯನ್ನು ಸಂಪರ್ಕಿಸಿ ಹೆಚ್ಚಿನ ಮಾಹಿತಿ ಪಡೆಯಬಹುದು ಎಂದು ತಿಳಿಸಿದ್ದಾರೆ.

ರಾಜ್ಯದ 21,000 ಸರ್ಕಾರಿ ಶಾಲೆಗಳ ಕೊಠಡಿಗಳು ಶಿಥಿಲಗೊಂಡಿವೆ: ಎಐಡಿಎಸ್‌ಓ

ಸುವರ್ಣವಾಹಿನಿ ಸುದ್ದಿ

ಬಳ್ಳಾರಿ,ಮೇ.23: ಸರ್ಕಾರಿ ಶಾಲೆಗಳನ್ನು ಉಳಿಸಿ, ಬಲಪಡಿಸಬೇಕೆಂದು ಇಂದು ಎಐಡಿಎಸ್‌ಓ ವಿದ್ಯಾರ್ಥಿ ಸಂಘಟನೆ ವತಿಯಿಂದ ಬಳ್ಳಾರಿ ನಗರದ ಎಸ್.ಪಿ ವೃತ್ತದಲ್ಲಿ ರಾಜ್ಯವ್ಯಾಪಿ ಸಹಿ ಸಂಗ್ರಹಣ ಅಭಿಯಾನ ಮಾಡಲಾಯಿತು. ಈ ಸಂದರ್ಭದಲ್ಲಿ ಎಐಡಿಎಸ್‌ಓ ರಾಜ್ಯ ಉಪಾಧ್ಯಕ್ಷ ರವಿಕಿರಣ್ ಜೆ.ಪಿ ಮಾತನಾಡಿ ರಾಜ್ಯದಲ್ಲಿ ಒಟ್ಟು 46,755 ಸರ್ಕಾರಿ ಶಾಲೆಗಳಿದ್ದು, ಅದರಲ್ಲಿ 21,255 ಶಾಲೆಗಳ ಕೊಠಡಿಗಳು ಶಿಥಿಲಗೊಂಡು ಕುಸಿಯುವ ಹಂತದಲ್ಲಿವೆ. ಇದರಲ್ಲಿ ಬಳ್ಳಾರಿಯ 171 ಶಾಲೆಗಳು ಸೇರಿವೆ. ಶಿಥಿಲಗೊಂಡ ಕೊಠಡಿಗಳಲ್ಲಿ ಮಕ್ಕಳು ಪಾಠ ಕೇಳುವಂತಾಗಿದೆ. ಈ ಕೊಠಡಿಗಳ ದುರಸ್ತಿ ಕಾರ್ಯ ಕೂಡಲೇ ಕೈಗೊಳ್ಳಬೇಕು.

ಸರ್ಕಾರಿ ಶಾಲೆಗಳನ್ನು ಉಳಿಸಿ
ಅಭಿಯಾನ
50
AIDSO

ಶಿಕ್ಷಣದ ಕನಸು ಹೊತ್ತು ಬರುವ ಬಡವರ ಮಕ್ಕಳ ಭವಿಷ್ಯ ಅತಂತ್ರಗೊಂಡಿದೆ. ಶಾಲೆಗಳಲ್ಲಿ ಶೌಚಾಲಯ, ಕುಡಿಯುವ ನೀರು, ಗ್ರಂಥಾಲಯ ಸೇರಿದಂತೆ ಮೂಲಭೂತ ಸೌಕರ್ಯಗಳ ಕೊರತೆಯಿದೆ. ಹಲವು ಶಾಲೆಗಳಲ್ಲಿ ಶಿಕ್ಷಕರ ಕೊರತೆ ಕಾಡುತ್ತಿದೆ. ಸರ್ಕಾರ ಕೂಡಲೇ ಅಗತ್ಯ ಶಿಕ್ಷಕರ ನೇಮಕಾತಿ ಮಾಡಬೇಕು. ಶಿಥಿಲಗೊಂಡ ಕೊಠಡಿಗಳನ್ನು ತೆರವುಗೊಳಿಸಿ ಹೊಸ ಕೊಠಡಿಗಳನ್ನು ನಿರ್ಮಿಸಬೇಕು.

ಏಐಡಿಎಸ್‌ಓ ಸಂಘಟನೆಯು ರಾಜ್ಯಾದ್ಯಂತ ಸಹಿ ಸಂಗ್ರಹ ಅಭಿಯಾನ ನಡೆಸುತ್ತಿದ್ದು, ಸಂಗ್ರಹಿಸಿದ ಸಹಿಗಳನ್ನು ಮುಖ್ಯಮಂತ್ರಿಗಳಿಗೆ ಸಲ್ಲಿಸಲಾಗುವುದು ಎಂದರು. ಈ ಸಂದರ್ಭದಲ್ಲಿ ಜಿಲ್ಲಾ ಅಧ್ಯಕ್ಷರಾದ ಕೋಟೇಶ್, ಜಿಲ್ಲಾ ಕಾರ್ಯದರ್ಶಿ ಎಂ.ಶಾಂತಿ, ಉಮಾ ಹಾಗೂ ಕಾರ್ಯಕರ್ತರು ಪಾಲ್ಗೊಂಡಿದ್ದರು.

Suvarna vaahini Kannada Daily, Owner/Editor : V.Ravi, Published at: ( Responsible for selection of news under the PRB Act), Printed :V.Ravi,
Publication: SHREE SHAILA PRINTERS, opp.Eranna Gudi Road,Eslampura,Gangavathi - 581227. Koppal Dist.Karnataka. RNI NO: KARKAN/2022/82651
